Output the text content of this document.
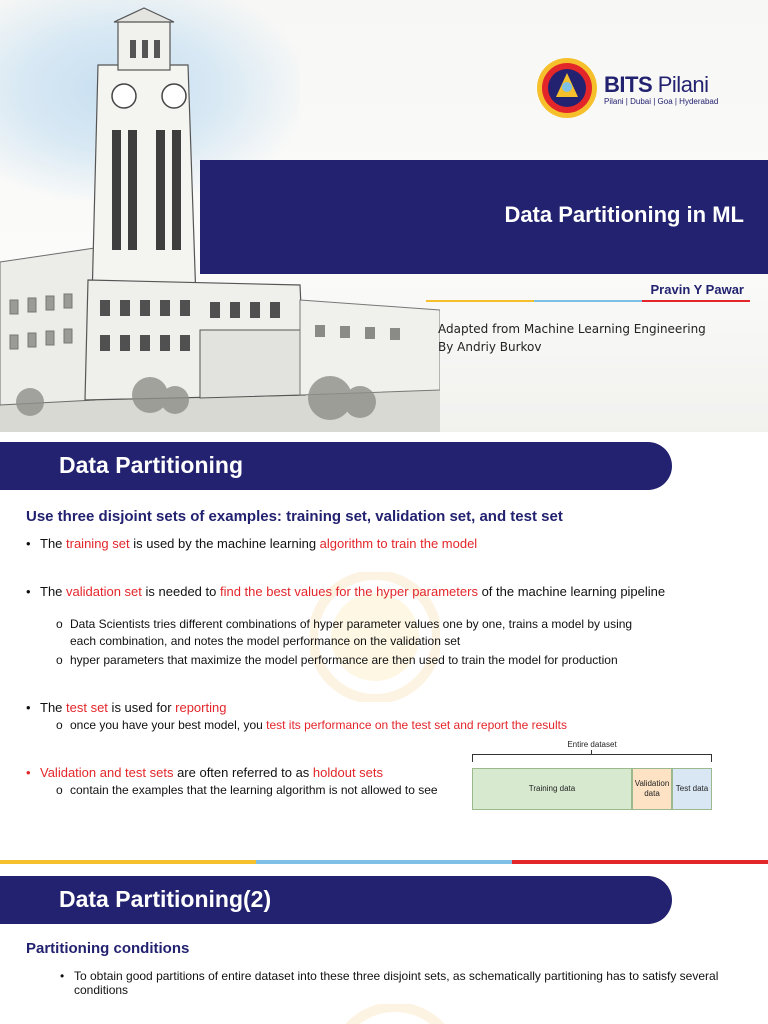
BITS Pilani
Pilani | Dubai | Goa | Hyderabad
Data Partitioning in ML
Pravin Y Pawar
Adapted from Machine Learning Engineering
By Andriy Burkov
Data Partitioning
Use three disjoint sets of examples: training set, validation set, and test set
• The training set is used by the machine learning algorithm to train the model
• The validation set is needed to find the best values for the hyper parameters of the machine learning pipeline
o Data Scientists tries different combinations of hyper parameter values one by one, trains a model by using each combination, and notes the model performance on the validation set
o hyper parameters that maximize the model performance are then used to train the model for production
• The test set is used for reporting
o once you have your best model, you test its performance on the test set and report the results
• Validation and test sets are often referred to as holdout sets
o contain the examples that the learning algorithm is not allowed to see
Entire dataset
Training data
Validation data
Test data
Data Partitioning(2)
Partitioning conditions
• To obtain good partitions of entire dataset into these three disjoint sets, as schematically partitioning has to satisfy several conditions
